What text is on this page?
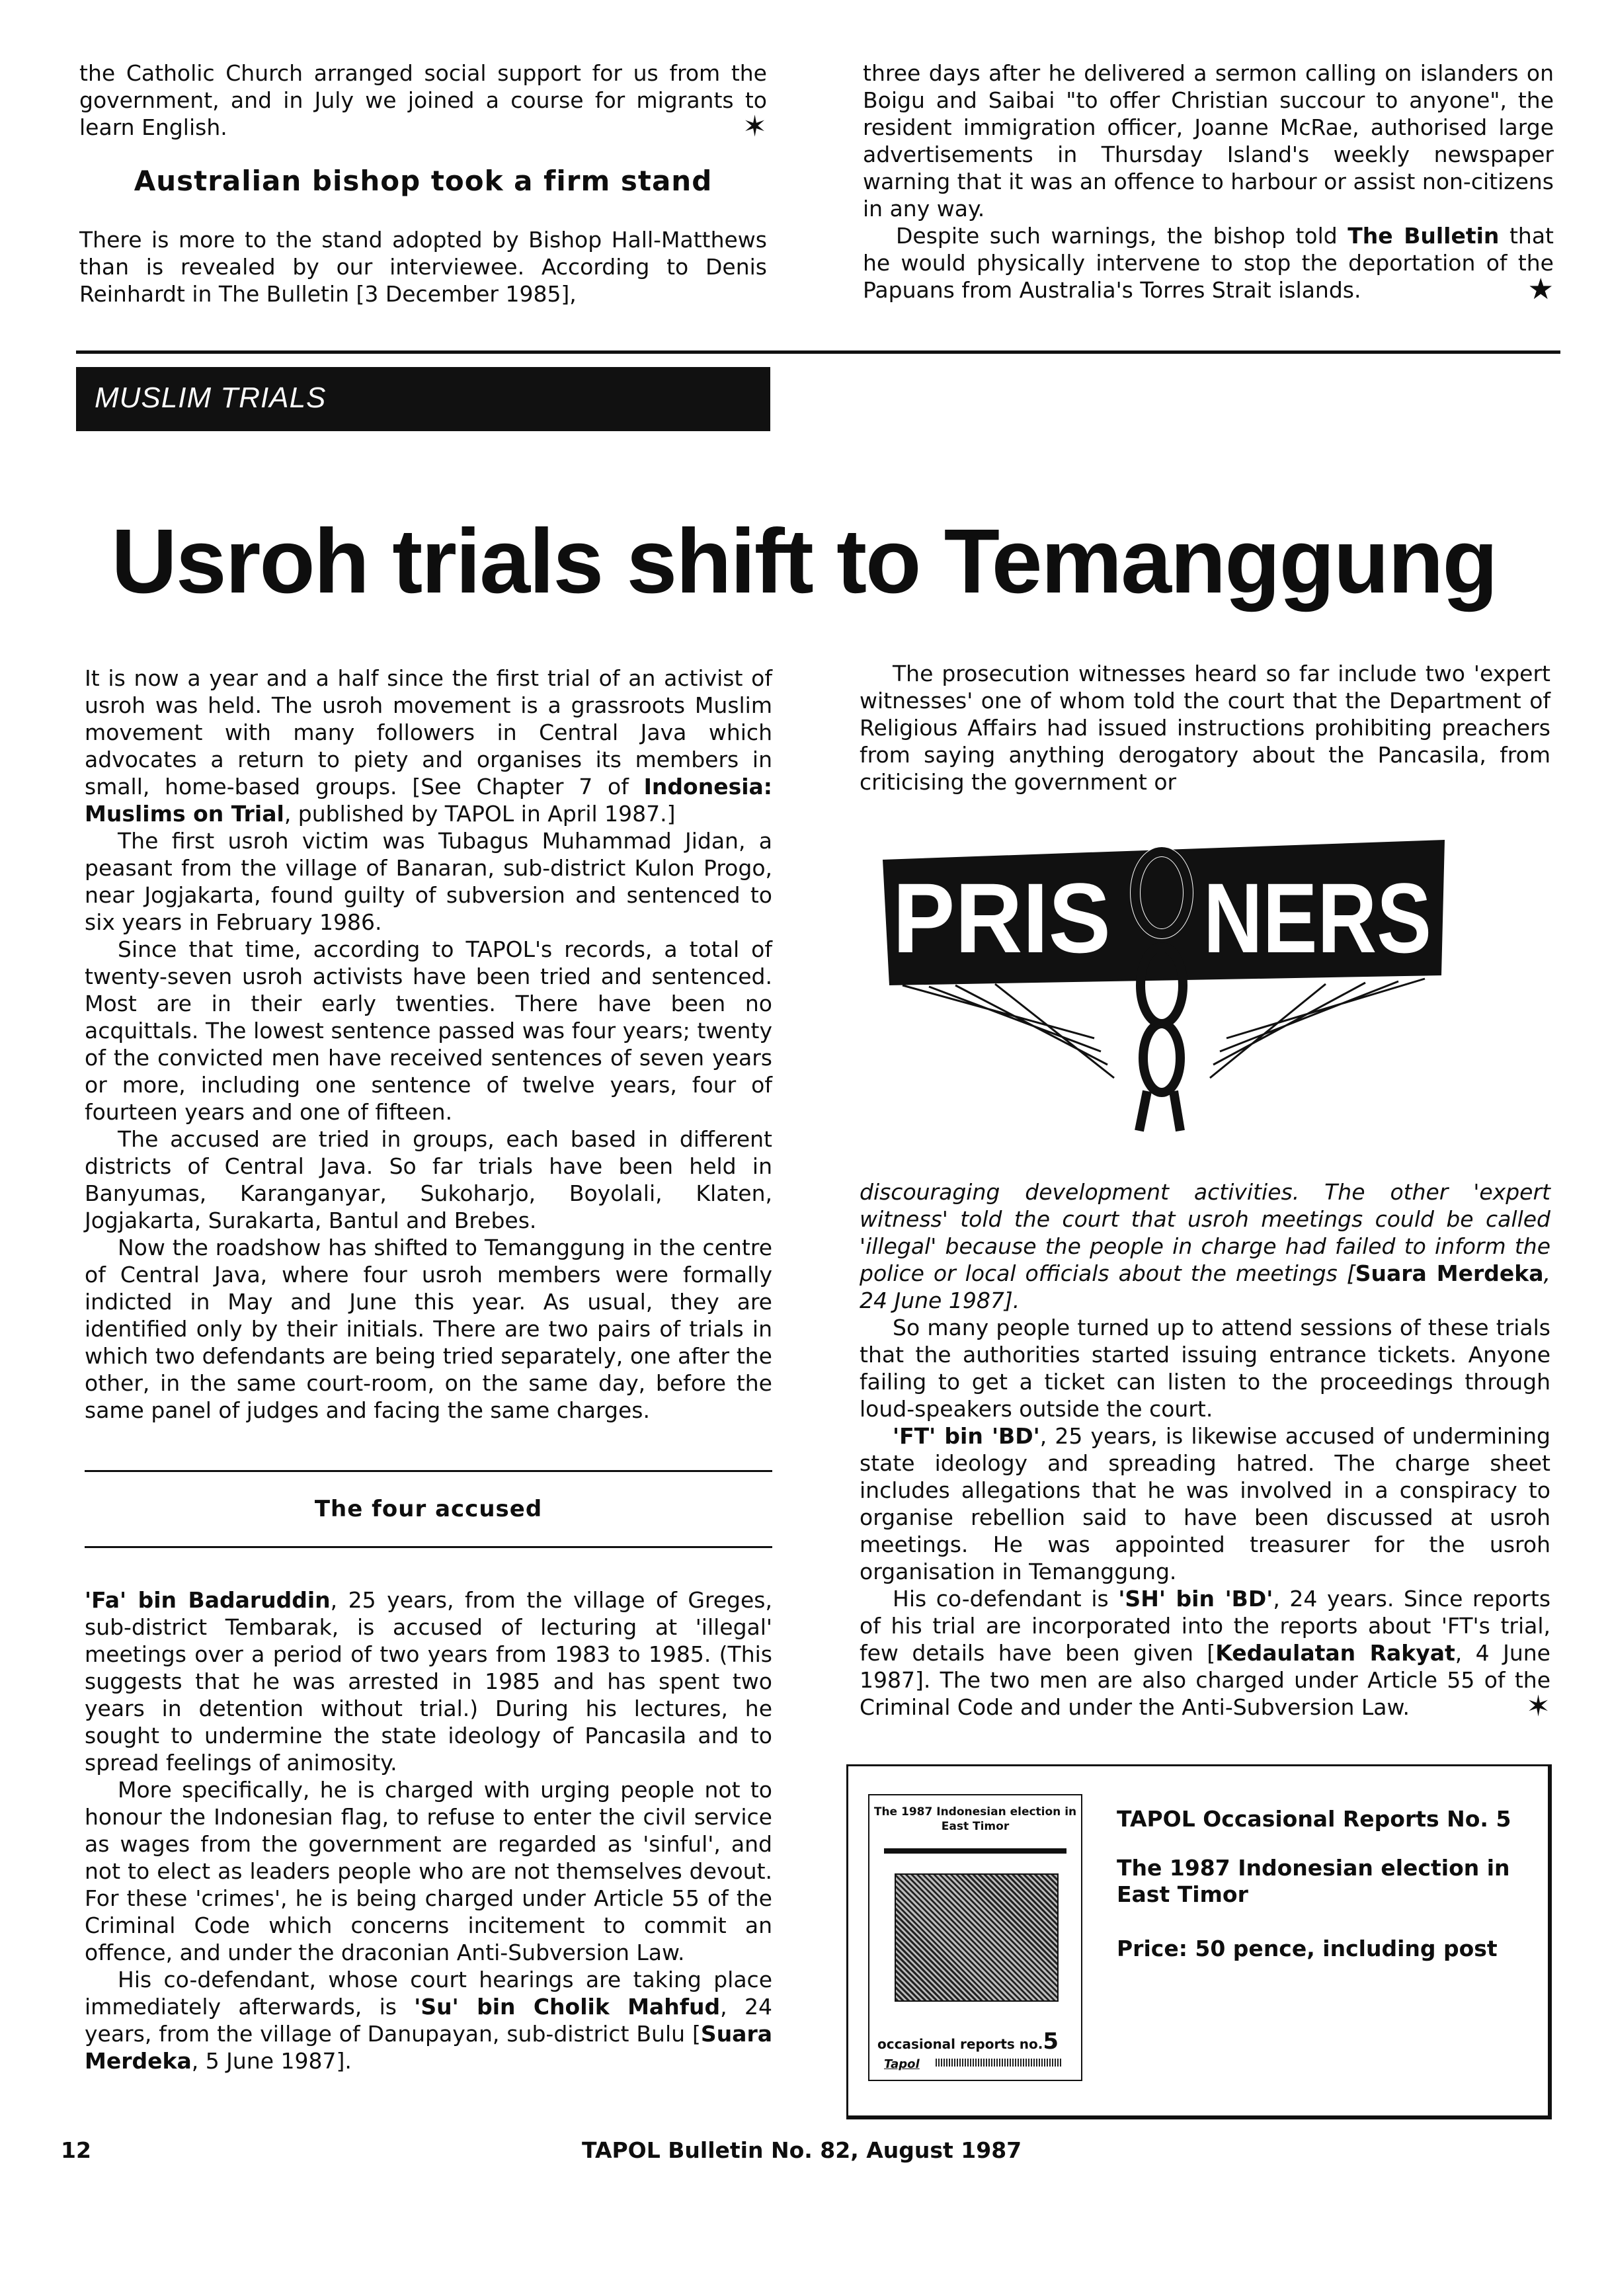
the Catholic Church arranged social support for us from the government, and in July we joined a course for migrants to learn English.	✶

Australian bishop took a firm stand

There is more to the stand adopted by Bishop Hall-Matthews than is revealed by our interviewee. According to Denis Reinhardt in The Bulletin [3 December 1985],

three days after he delivered a sermon calling on islanders on Boigu and Saibai "to offer Christian succour to anyone", the resident immigration officer, Joanne McRae, authorised large advertisements in Thursday Island's weekly newspaper warning that it was an offence to harbour or assist non-citizens in any way.

Despite such warnings, the bishop told The Bulletin that he would physically intervene to stop the deportation of the Papuans from Australia's Torres Strait islands.	★

MUSLIM TRIALS
Usroh trials shift to Temanggung

It is now a year and a half since the first trial of an activist of usroh was held. The usroh movement is a grassroots Muslim movement with many followers in Central Java which advocates a return to piety and organises its members in small, home-based groups. [See Chapter 7 of Indonesia: Muslims on Trial, published by TAPOL in April 1987.]

The first usroh victim was Tubagus Muhammad Jidan, a peasant from the village of Banaran, sub-district Kulon Progo, near Jogjakarta, found guilty of subversion and sentenced to six years in February 1986.

Since that time, according to TAPOL's records, a total of twenty-seven usroh activists have been tried and sentenced. Most are in their early twenties. There have been no acquittals. The lowest sentence passed was four years; twenty of the convicted men have received sentences of seven years or more, including one sentence of twelve years, four of fourteen years and one of fifteen.

The accused are tried in groups, each based in different districts of Central Java. So far trials have been held in Banyumas, Karanganyar, Sukoharjo, Boyolali, Klaten, Jogjakarta, Surakarta, Bantul and Brebes.

Now the roadshow has shifted to Temanggung in the centre of Central Java, where four usroh members were formally indicted in May and June this year. As usual, they are identified only by their initials. There are two pairs of trials in which two defendants are being tried separately, one after the other, in the same court-room, on the same day, before the same panel of judges and facing the same charges.

The four accused

'Fa' bin Badaruddin, 25 years, from the village of Greges, sub-district Tembarak, is accused of lecturing at 'illegal' meetings over a period of two years from 1983 to 1985. (This suggests that he was arrested in 1985 and has spent two years in detention without trial.) During his lectures, he sought to undermine the state ideology of Pancasila and to spread feelings of animosity.

More specifically, he is charged with urging people not to honour the Indonesian flag, to refuse to enter the civil service as wages from the government are regarded as 'sinful', and not to elect as leaders people who are not themselves devout. For these 'crimes', he is being charged under Article 55 of the Criminal Code which concerns incitement to commit an offence, and under the draconian Anti-Subversion Law.

His co-defendant, whose court hearings are taking place immediately afterwards, is 'Su' bin Cholik Mahfud, 24 years, from the village of Danupayan, sub-district Bulu [Suara Merdeka, 5 June 1987].

The prosecution witnesses heard so far include two 'expert witnesses' one of whom told the court that the Department of Religious Affairs had issued instructions prohibiting preachers from saying anything derogatory about the Pancasila, from criticising the government or

Political
PRIS NERS

discouraging development activities. The other 'expert witness' told the court that usroh meetings could be called 'illegal' because the people in charge had failed to inform the police or local officials about the meetings [Suara Merdeka, 24 June 1987].

So many people turned up to attend sessions of these trials that the authorities started issuing entrance tickets. Anyone failing to get a ticket can listen to the proceedings through loud-speakers outside the court.

'FT' bin 'BD', 25 years, is likewise accused of undermining state ideology and spreading hatred. The charge sheet includes allegations that he was involved in a conspiracy to organise rebellion said to have been discussed at usroh meetings. He was appointed treasurer for the usroh organisation in Temanggung.

His co-defendant is 'SH' bin 'BD', 24 years. Since reports of his trial are incorporated into the reports about 'FT's trial, few details have been given [Kedaulatan Rakyat, 4 June 1987]. The two men are also charged under Article 55 of the Criminal Code and under the Anti-Subversion Law.	✶

The 1987 Indonesian election in East Timor
occasional reports no.5
Tapol
TAPOL Occasional Reports No. 5
The 1987 Indonesian election in East Timor
Price: 50 pence, including post
12	TAPOL Bulletin No. 82, August 1987
